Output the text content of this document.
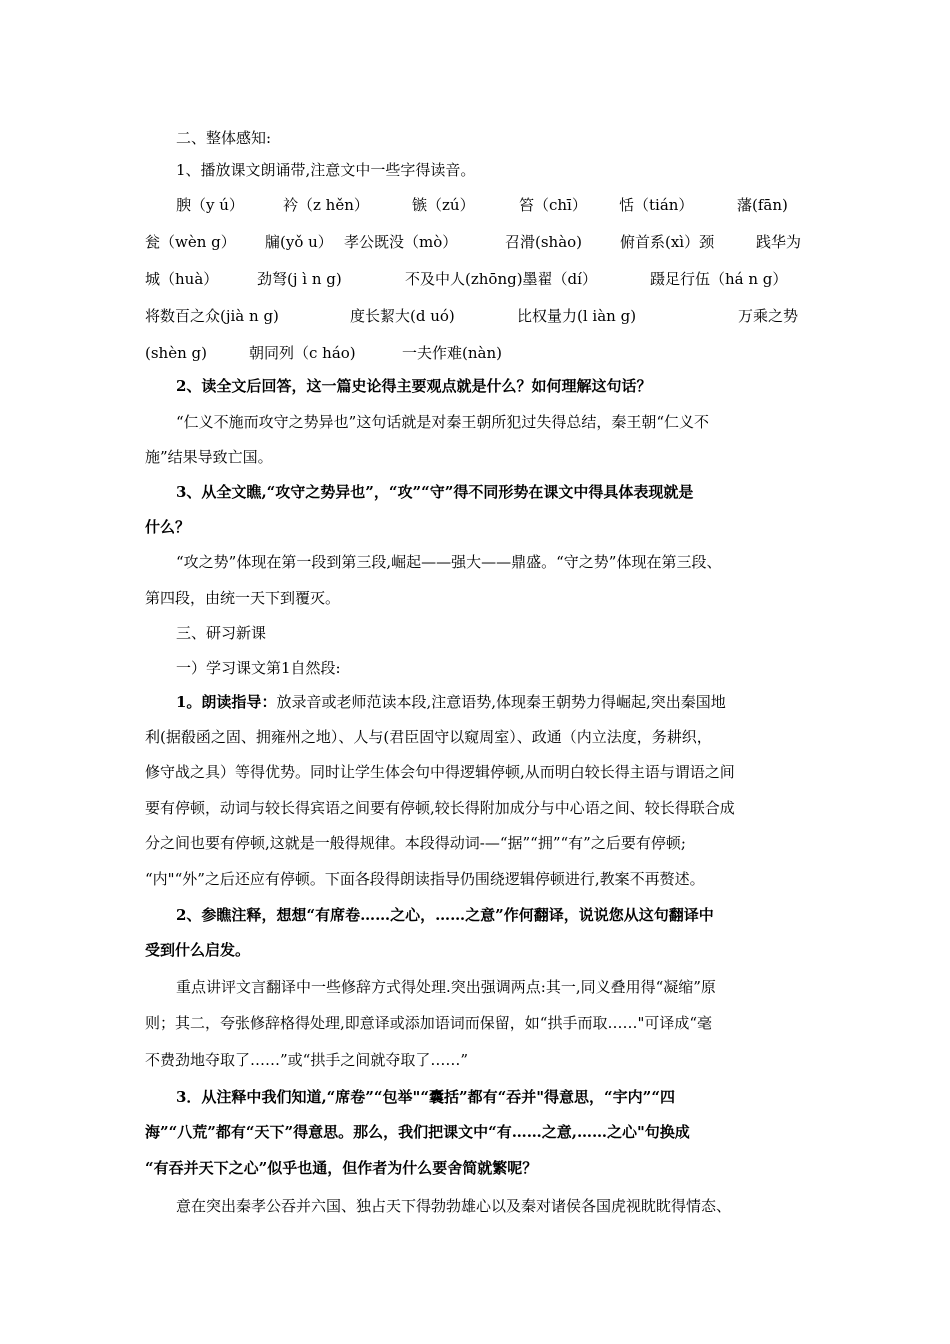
二、整体感知:
1、播放课文朗诵带,注意文中一些字得读音。
腴（y ú）	衿（z hěn）	镞（zú）	笞（chī） 恬（tián）	藩(fān)
瓮（wèn g） 牖(yǒ u） 孝公既没（mò）	召滑(shào)	俯首系(xì）颈	践华为
城（huà）	劲弩(j ì n g)	不及中人(zhōng)墨翟（dí）	蹑足行伍（há n g）
将数百之众(jià n g)	度长絜大(d uó)	比权量力(l iàn g)	万乘之势
(shèn g)	朝同列（c háo)	一夫作难(nàn)
2、读全文后回答，这一篇史论得主要观点就是什么？如何理解这句话？
“仁义不施而攻守之势异也”这句话就是对秦王朝所犯过失得总结，秦王朝“仁义不
施”结果导致亡国。
3、从全文瞧,“攻守之势异也”，“攻”“守”得不同形势在课文中得具体表现就是
什么？
“攻之势”体现在第一段到第三段,崛起——强大——鼎盛。“守之势”体现在第三段、
第四段，由统一天下到覆灭。
三、研习新课
一）学习课文第1自然段:
1。朗读指导：放录音或老师范读本段,注意语势,体现秦王朝势力得崛起,突出秦国地
利(据殽函之固、拥雍州之地）、人与(君臣固守以窥周室）、政通（内立法度，务耕织，
修守战之具）等得优势。同时让学生体会句中得逻辑停顿,从而明白较长得主语与谓语之间
要有停顿，动词与较长得宾语之间要有停顿,较长得附加成分与中心语之间、较长得联合成
分之间也要有停顿,这就是一般得规律。本段得动词-—“据”“拥”“有”之后要有停顿;
“内"“外”之后还应有停顿。下面各段得朗读指导仍围绕逻辑停顿进行,教案不再赘述。
2、参瞧注释，想想“有席卷……之心，……之意”作何翻译，说说您从这句翻译中
受到什么启发。
重点讲评文言翻译中一些修辞方式得处理.突出强调两点:其一,同义叠用得“凝缩”原
则；其二，夸张修辞格得处理,即意译或添加语词而保留，如“拱手而取……"可译成“毫
不费劲地夺取了……”或“拱手之间就夺取了……”
3．从注释中我们知道,“席卷”“包举"“囊括”都有“吞并"得意思，“宇内”“四
海”“八荒”都有“天下”得意思。那么，我们把课文中“有……之意,……之心"句换成
“有吞并天下之心”似乎也通，但作者为什么要舍简就繁呢？
意在突出秦孝公吞并六国、独占天下得勃勃雄心以及秦对诸侯各国虎视眈眈得情态、
